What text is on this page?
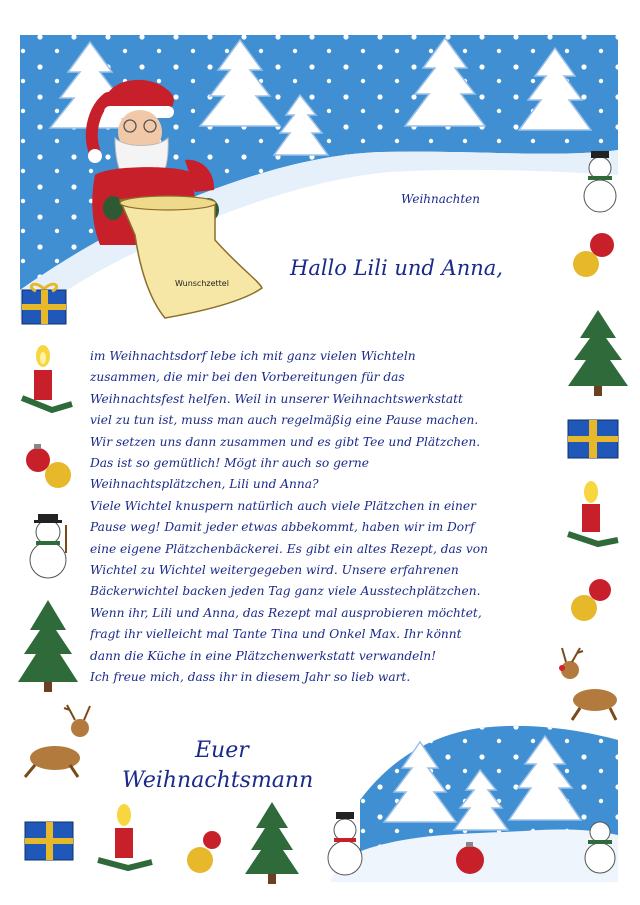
Wunschzettel
Weihnachten
Hallo Lili und Anna,
im Weihnachtsdorf lebe ich mit ganz vielen Wichteln
zusammen, die mir bei den Vorbereitungen für das
Weihnachtsfest helfen. Weil in unserer Weihnachtswerkstatt
viel zu tun ist, muss man auch regelmäßig eine Pause machen.
Wir setzen uns dann zusammen und es gibt Tee und Plätzchen.
Das ist so gemütlich! Mögt ihr auch so gerne
Weihnachtsplätzchen, Lili und Anna?
Viele Wichtel knuspern natürlich auch viele Plätzchen in einer
Pause weg! Damit jeder etwas abbekommt, haben wir im Dorf
eine eigene Plätzchenbäckerei. Es gibt ein altes Rezept, das von
Wichtel zu Wichtel weitergegeben wird. Unsere erfahrenen
Bäckerwichtel backen jeden Tag ganz viele Ausstechplätzchen.
Wenn ihr, Lili und Anna, das Rezept mal ausprobieren möchtet,
fragt ihr vielleicht mal Tante Tina und Onkel Max. Ihr könnt
dann die Küche in eine Plätzchenwerkstatt verwandeln!
Ich freue mich, dass ihr in diesem Jahr so lieb wart.
Euer
Weihnachtsmann
